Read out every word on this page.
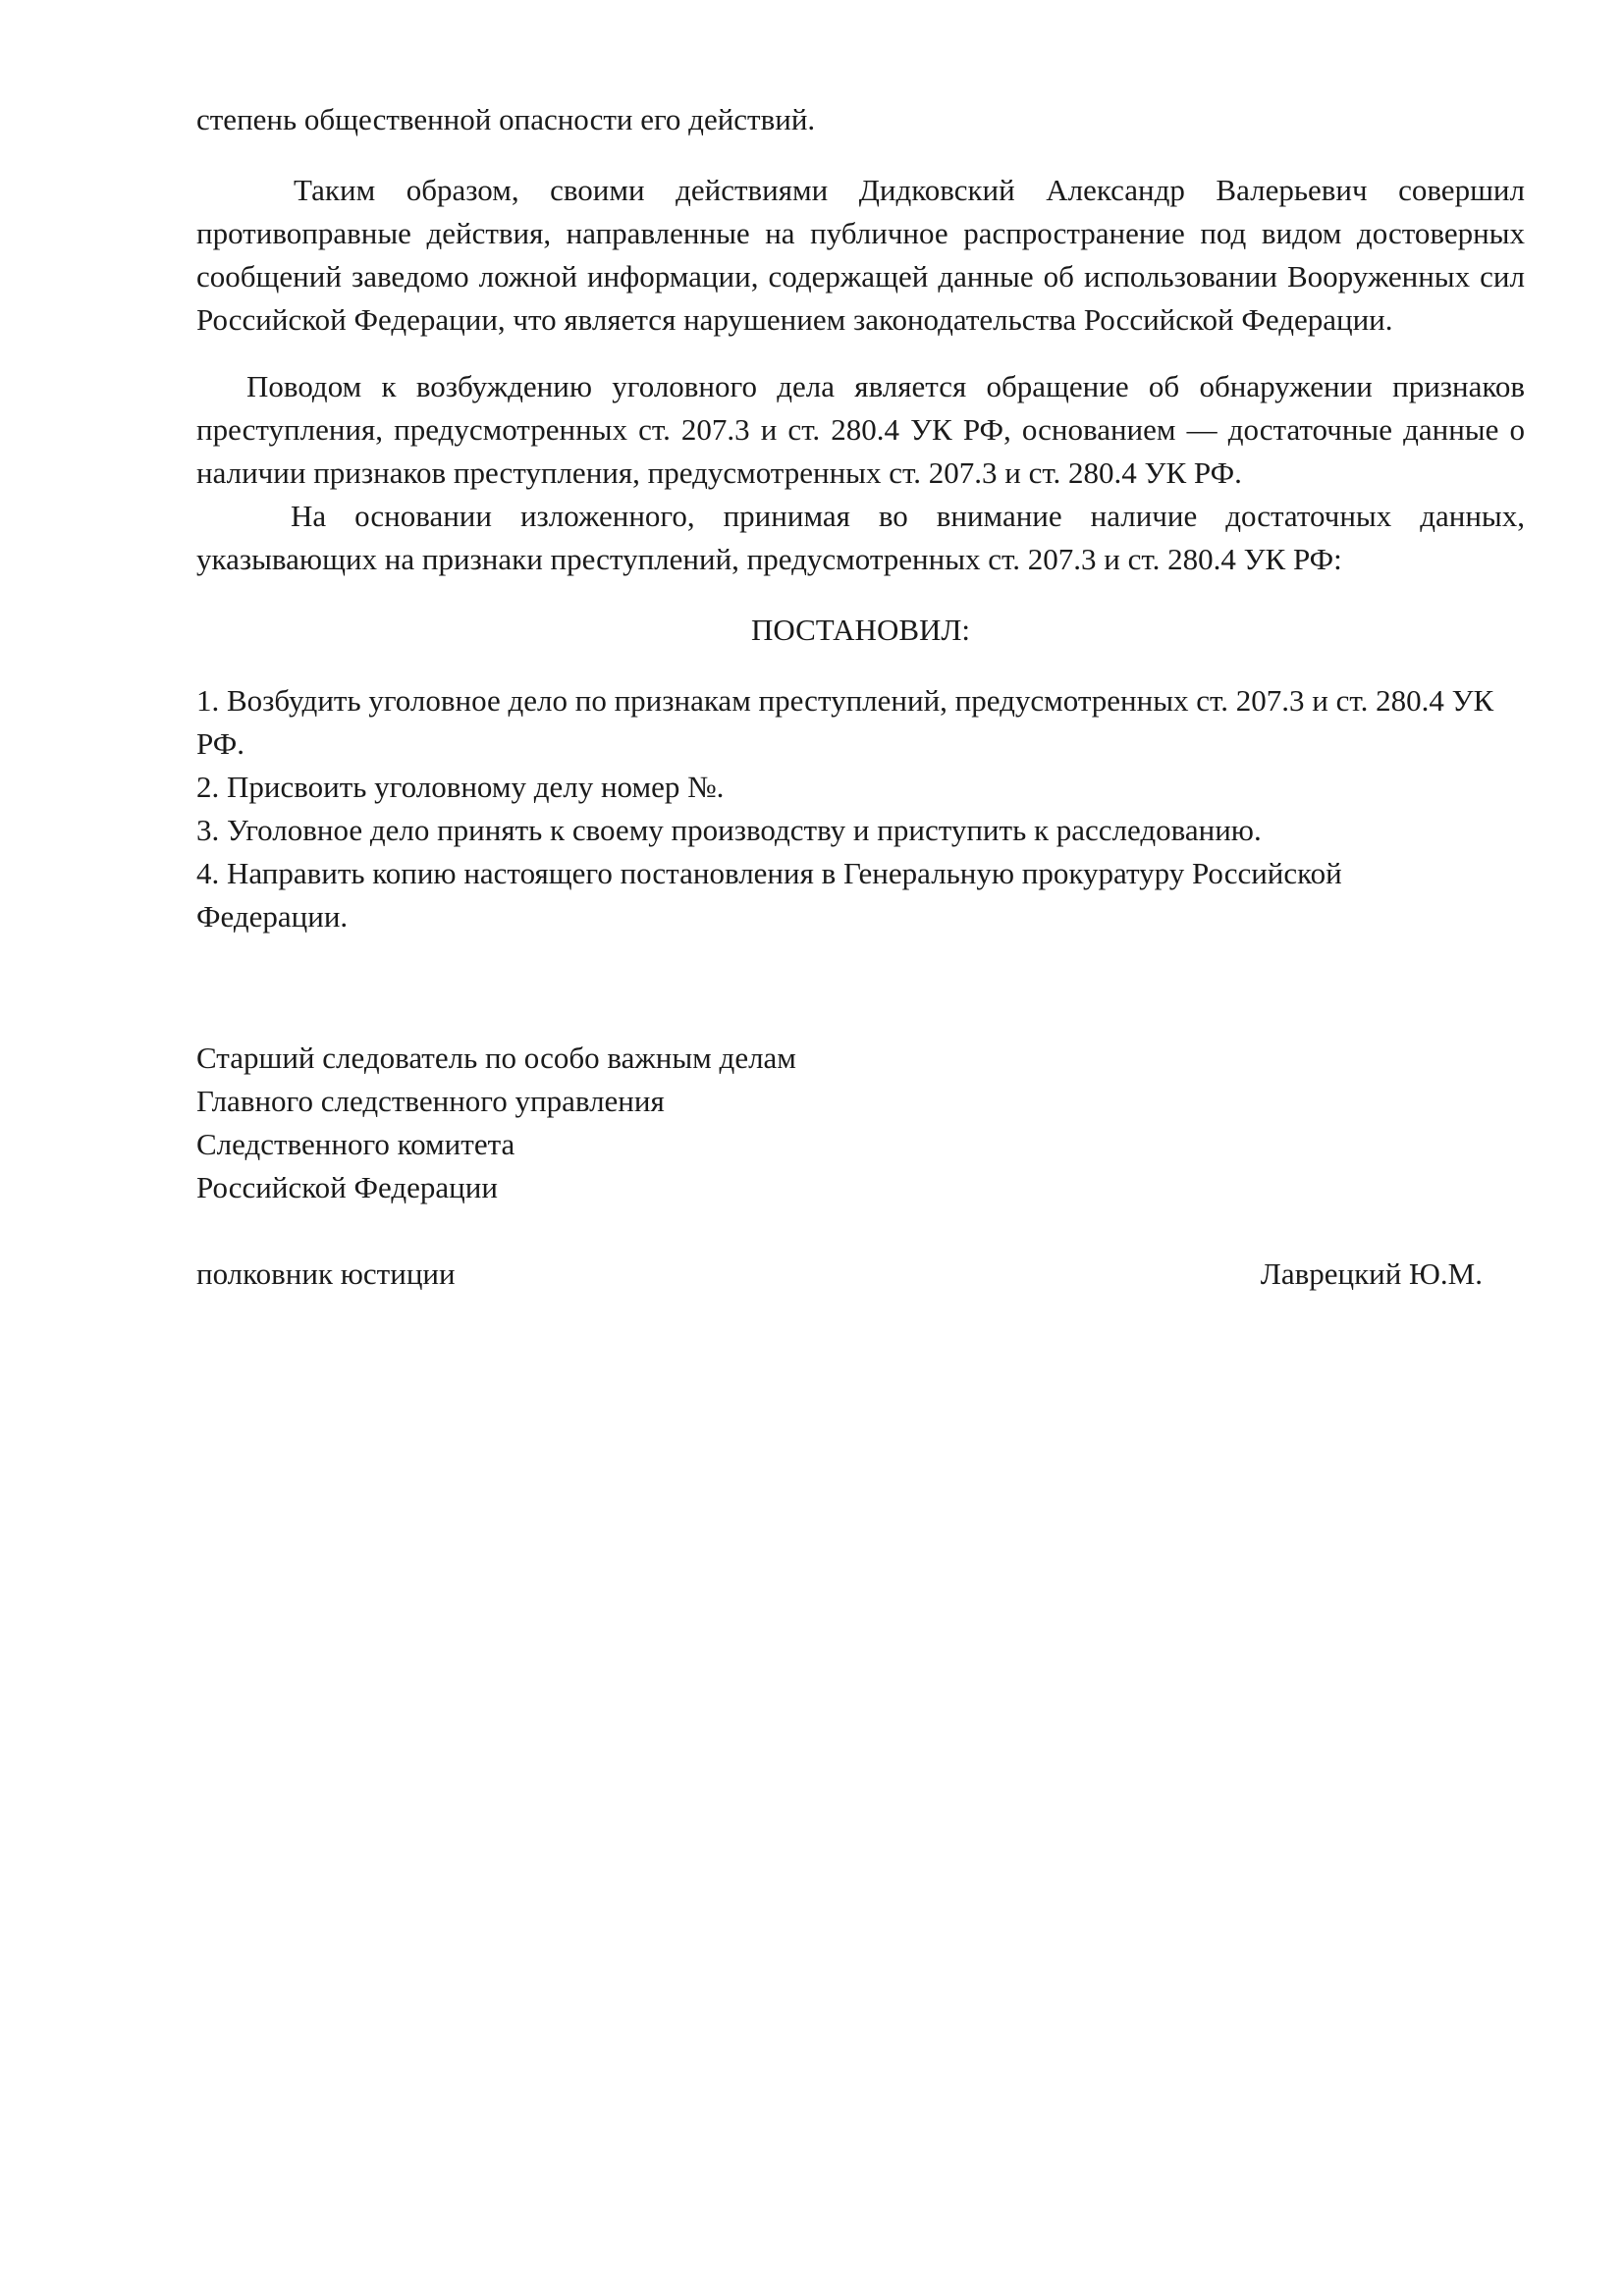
степень общественной опасности его действий.

Таким образом, своими действиями Дидковский Александр Валерьевич совершил противоправные действия, направленные на публичное распространение под видом достоверных сообщений заведомо ложной информации, содержащей данные об использовании Вооруженных сил Российской Федерации, что является нарушением законодательства Российской Федерации.

Поводом к возбуждению уголовного дела является обращение об обнаружении признаков преступления, предусмотренных ст. 207.3 и ст. 280.4 УК РФ, основанием — достаточные данные о наличии признаков преступления, предусмотренных ст. 207.3 и ст. 280.4 УК РФ.

На основании изложенного, принимая во внимание наличие достаточных данных, указывающих на признаки преступлений, предусмотренных ст. 207.3 и ст. 280.4 УК РФ:

ПОСТАНОВИЛ:

1. Возбудить уголовное дело по признакам преступлений, предусмотренных ст. 207.3 и ст. 280.4 УК РФ.

2. Присвоить уголовному делу номер №.

3. Уголовное дело принять к своему производству и приступить к расследованию.

4. Направить копию настоящего постановления в Генеральную прокуратуру Российской Федерации.

Старший следователь по особо важным делам

Главного следственного управления

Следственного комитета

Российской Федерации

полковник юстиции	Лаврецкий Ю.М.
